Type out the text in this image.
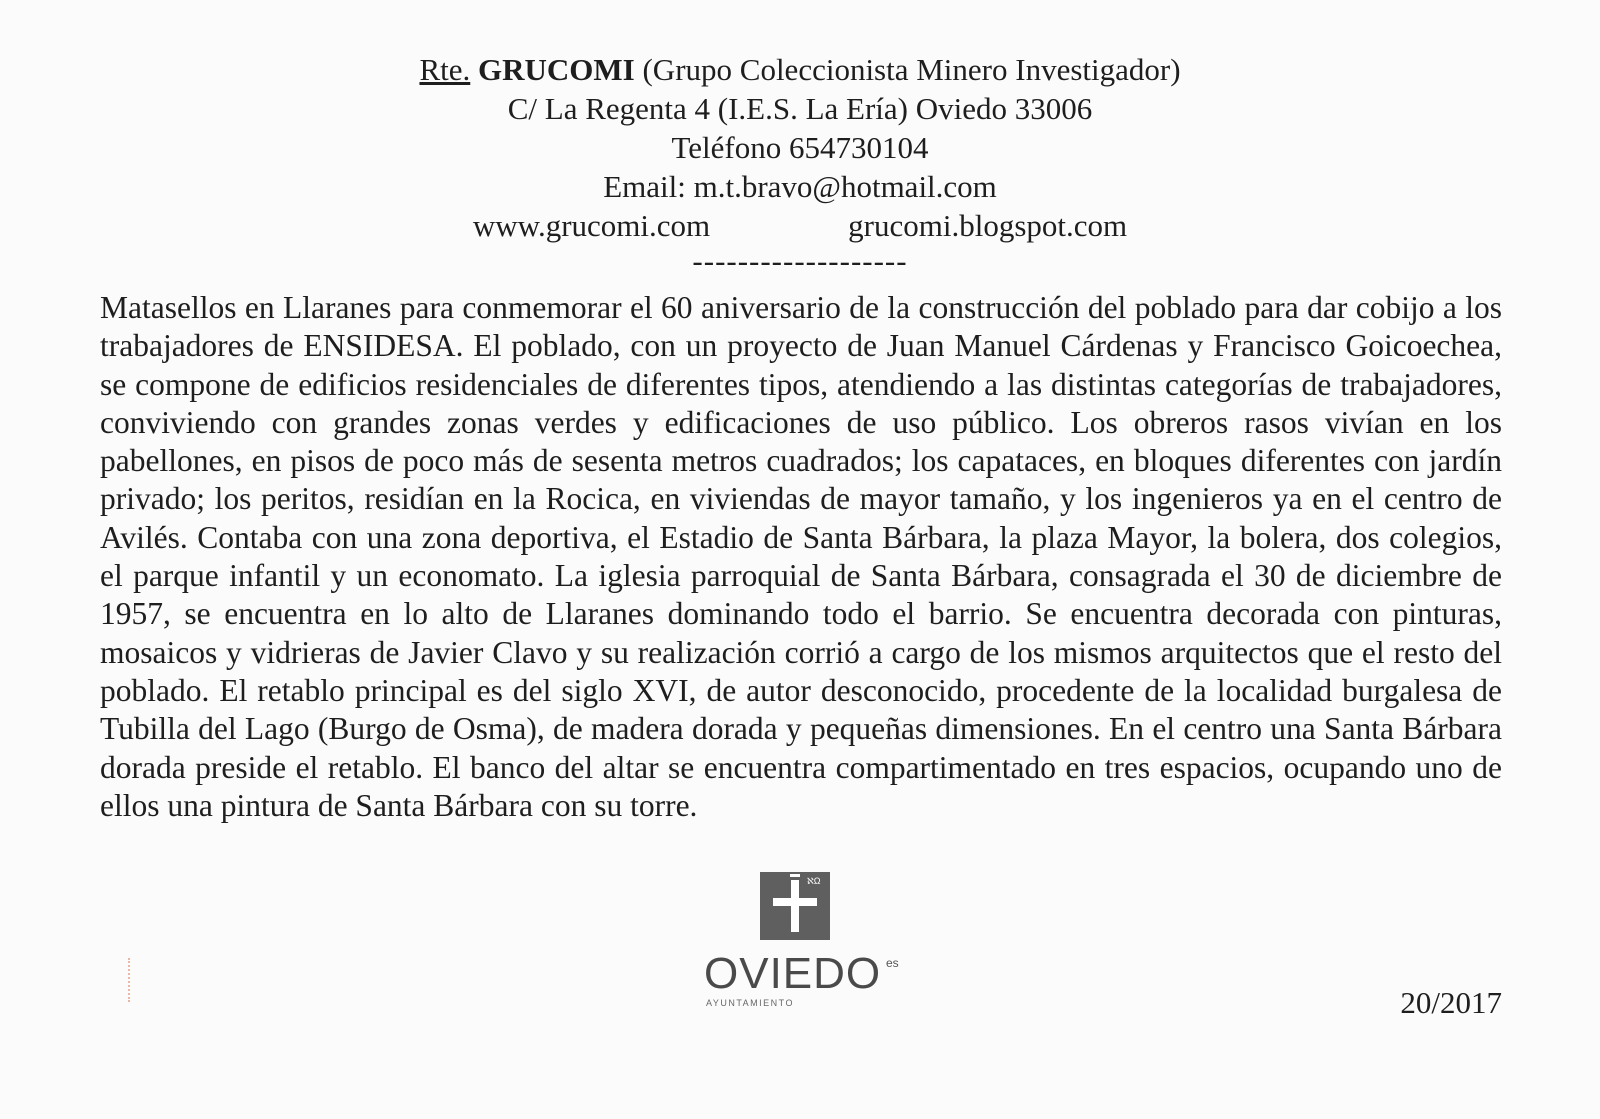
Rte. GRUCOMI (Grupo Coleccionista Minero Investigador)
C/ La Regenta 4 (I.E.S. La Ería) Oviedo 33006
Teléfono 654730104
Email: m.t.bravo@hotmail.com
www.grucomi.com	grucomi.blogspot.com
-------------------
Matasellos en Llaranes para conmemorar el 60 aniversario de la construcción del poblado para dar cobijo a los trabajadores de ENSIDESA. El poblado, con un proyecto de Juan Manuel Cárdenas y Francisco Goicoechea, se compone de edificios residenciales de diferentes tipos, atendiendo a las distintas categorías de trabajadores, conviviendo con grandes zonas verdes y edificaciones de uso público. Los obreros rasos vivían en los pabellones, en pisos de poco más de sesenta metros cuadrados; los capataces, en bloques diferentes con jardín privado; los peritos, residían en la Rocica, en viviendas de mayor tamaño, y los ingenieros ya en el centro de Avilés. Contaba con una zona deportiva, el Estadio de Santa Bárbara, la plaza Mayor, la bolera, dos colegios, el parque infantil y un economato. La iglesia parroquial de Santa Bárbara, consagrada el 30 de diciembre de 1957, se encuentra en lo alto de Llaranes dominando todo el barrio. Se encuentra decorada con pinturas, mosaicos y vidrieras de Javier Clavo y su realización corrió a cargo de los mismos arquitectos que el resto del poblado. El retablo principal es del siglo XVI, de autor desconocido, procedente de la localidad burgalesa de Tubilla del Lago (Burgo de Osma), de madera dorada y pequeñas dimensiones. En el centro una Santa Bárbara dorada preside el retablo. El banco del altar se encuentra compartimentado en tres espacios, ocupando uno de ellos una pintura de Santa Bárbara con su torre.
ℵΩ
OVIEDO es
AYUNTAMIENTO	20/2017
